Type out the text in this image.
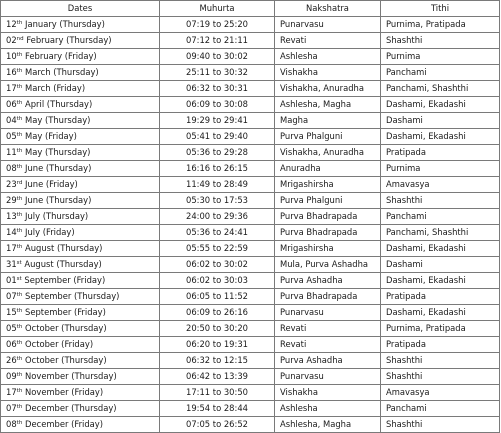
Dates	Muhurta	Nakshatra	Tithi
12th January (Thursday)	07:19 to 25:20	Punarvasu	Purnima, Pratipada
02nd February (Thursday)	07:12 to 21:11	Revati	Shashthi
10th February (Friday)	09:40 to 30:02	Ashlesha	Purnima
16th March (Thursday)	25:11 to 30:32	Vishakha	Panchami
17th March (Friday)	06:32 to 30:31	Vishakha, Anuradha	Panchami, Shashthi
06th April (Thursday)	06:09 to 30:08	Ashlesha, Magha	Dashami, Ekadashi
04th May (Thursday)	19:29 to 29:41	Magha	Dashami
05th May (Friday)	05:41 to 29:40	Purva Phalguni	Dashami, Ekadashi
11th May (Thursday)	05:36 to 29:28	Vishakha, Anuradha	Pratipada
08th June (Thursday)	16:16 to 26:15	Anuradha	Purnima
23rd June (Friday)	11:49 to 28:49	Mrigashirsha	Amavasya
29th June (Thursday)	05:30 to 17:53	Purva Phalguni	Shashthi
13th July (Thursday)	24:00 to 29:36	Purva Bhadrapada	Panchami
14th July (Friday)	05:36 to 24:41	Purva Bhadrapada	Panchami, Shashthi
17th August (Thursday)	05:55 to 22:59	Mrigashirsha	Dashami, Ekadashi
31st August (Thursday)	06:02 to 30:02	Mula, Purva Ashadha	Dashami
01st September (Friday)	06:02 to 30:03	Purva Ashadha	Dashami, Ekadashi
07th September (Thursday)	06:05 to 11:52	Purva Bhadrapada	Pratipada
15th September (Friday)	06:09 to 26:16	Punarvasu	Dashami, Ekadashi
05th October (Thursday)	20:50 to 30:20	Revati	Purnima, Pratipada
06th October (Friday)	06:20 to 19:31	Revati	Pratipada
26th October (Thursday)	06:32 to 12:15	Purva Ashadha	Shashthi
09th November (Thursday)	06:42 to 13:39	Punarvasu	Shashthi
17th November (Friday)	17:11 to 30:50	Vishakha	Amavasya
07th December (Thursday)	19:54 to 28:44	Ashlesha	Panchami
08th December (Friday)	07:05 to 26:52	Ashlesha, Magha	Shashthi
